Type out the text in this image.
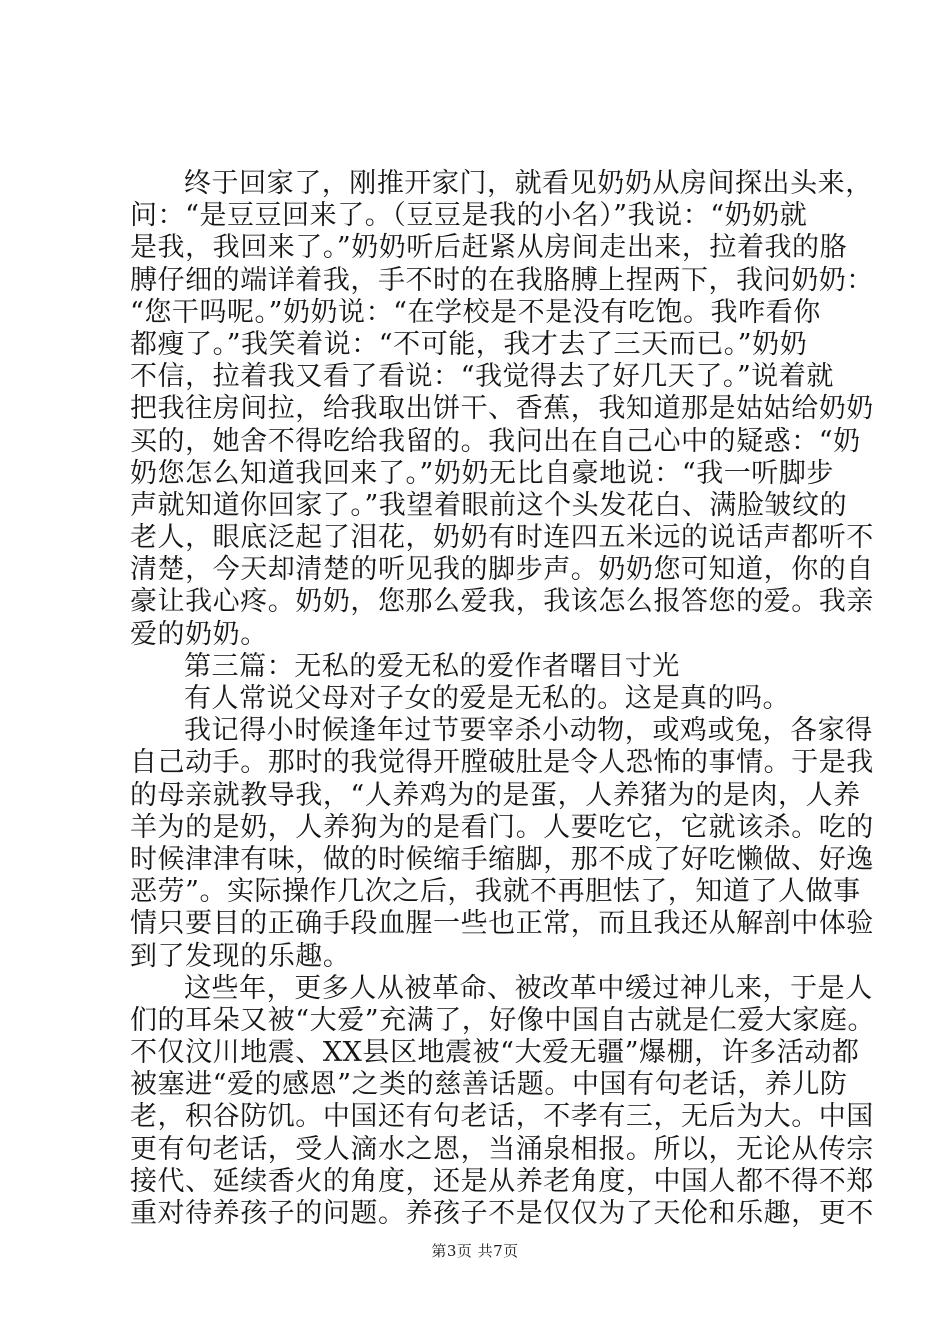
终于回家了，刚推开家门，就看见奶奶从房间探出头来，
问：“是豆豆回来了。（豆豆是我的小名）”我说：“奶奶就
是我，我回来了。”奶奶听后赶紧从房间走出来，拉着我的胳
膊仔细的端详着我，手不时的在我胳膊上捏两下，我问奶奶：
“您干吗呢。”奶奶说：“在学校是不是没有吃饱。我咋看你
都瘦了。”我笑着说：“不可能，我才去了三天而已。”奶奶
不信，拉着我又看了看说：“我觉得去了好几天了。”说着就
把我往房间拉，给我取出饼干、香蕉，我知道那是姑姑给奶奶
买的，她舍不得吃给我留的。我问出在自己心中的疑惑：“奶
奶您怎么知道我回来了。”奶奶无比自豪地说：“我一听脚步
声就知道你回家了。”我望着眼前这个头发花白、满脸皱纹的
老人，眼底泛起了泪花，奶奶有时连四五米远的说话声都听不
清楚，今天却清楚的听见我的脚步声。奶奶您可知道，你的自
豪让我心疼。奶奶，您那么爱我，我该怎么报答您的爱。我亲
爱的奶奶。
第三篇：无私的爱无私的爱作者曙目寸光
有人常说父母对子女的爱是无私的。这是真的吗。
我记得小时候逢年过节要宰杀小动物，或鸡或兔，各家得
自己动手。那时的我觉得开膛破肚是令人恐怖的事情。于是我
的母亲就教导我，“人养鸡为的是蛋，人养猪为的是肉，人养
羊为的是奶，人养狗为的是看门。人要吃它，它就该杀。吃的
时候津津有味，做的时候缩手缩脚，那不成了好吃懒做、好逸
恶劳”。实际操作几次之后，我就不再胆怯了，知道了人做事
情只要目的正确手段血腥一些也正常，而且我还从解剖中体验
到了发现的乐趣。
这些年，更多人从被革命、被改革中缓过神儿来，于是人
们的耳朵又被“大爱”充满了，好像中国自古就是仁爱大家庭。
不仅汶川地震、XX县区地震被“大爱无疆”爆棚，许多活动都
被塞进“爱的感恩”之类的慈善话题。中国有句老话，养儿防
老，积谷防饥。中国还有句老话，不孝有三，无后为大。中国
更有句老话，受人滴水之恩，当涌泉相报。所以，无论从传宗
接代、延续香火的角度，还是从养老角度，中国人都不得不郑
重对待养孩子的问题。养孩子不是仅仅为了天伦和乐趣，更不
第3页 共7页
